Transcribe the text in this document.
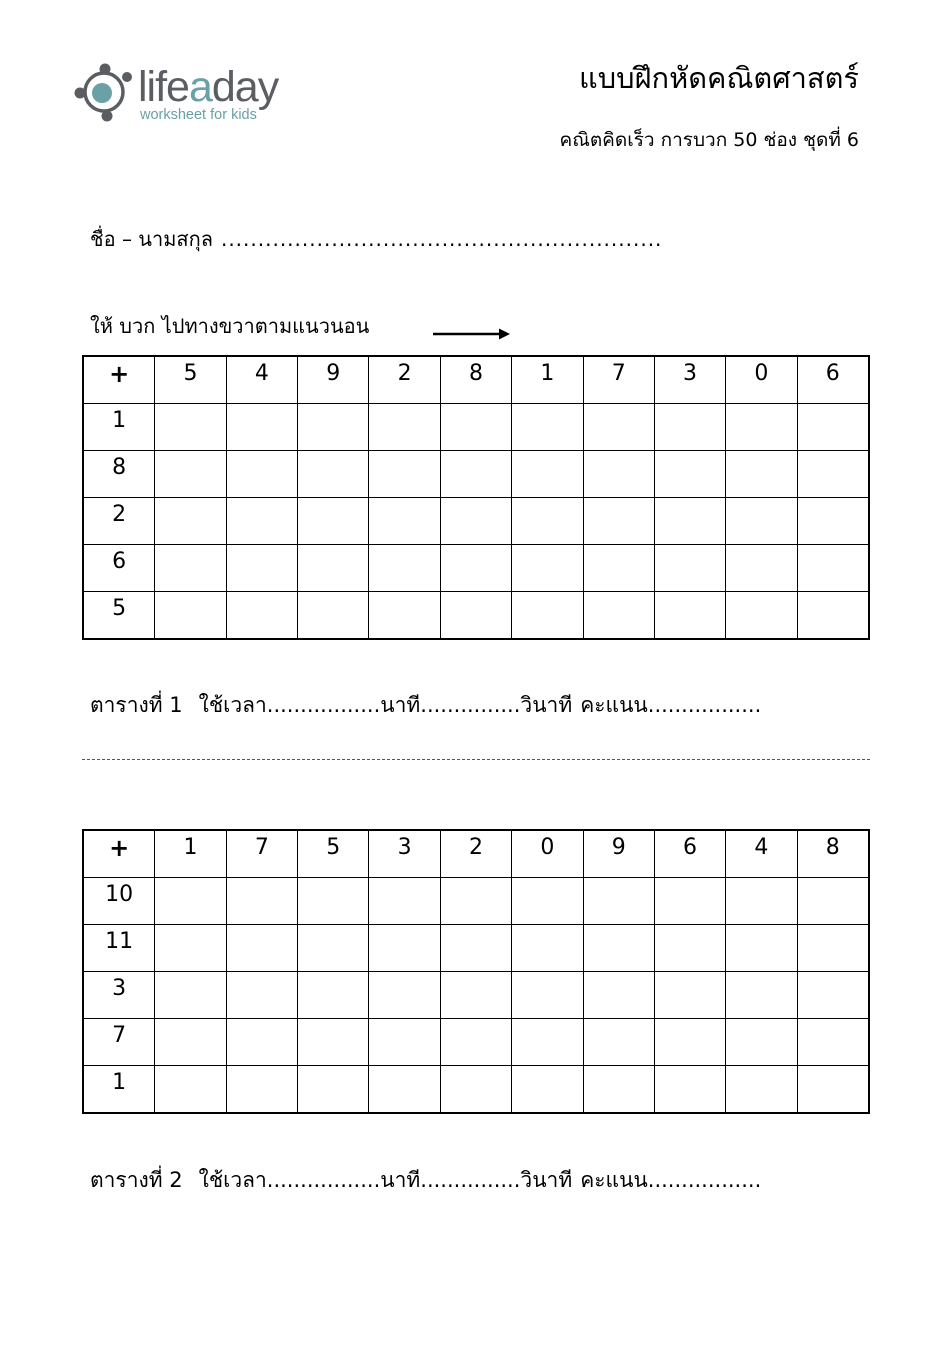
lifeaday
worksheet for kids
แบบฝึกหัดคณิตศาสตร์
คณิตคิดเร็ว การบวก 50 ช่อง ชุดที่ 6
ชื่อ – นามสกุล ............................................................
ให้ บวก ไปทางขวาตามแนวนอน
+	5	4	9	2	8	1	7	3	0	6
1										
8										
2										
6										
5										
ตารางที่ 1 ใช้เวลา.................นาที...............วินาที คะแนน.................
+	1	7	5	3	2	0	9	6	4	8
10										
11										
3										
7										
1										
ตารางที่ 2 ใช้เวลา.................นาที...............วินาที คะแนน.................
